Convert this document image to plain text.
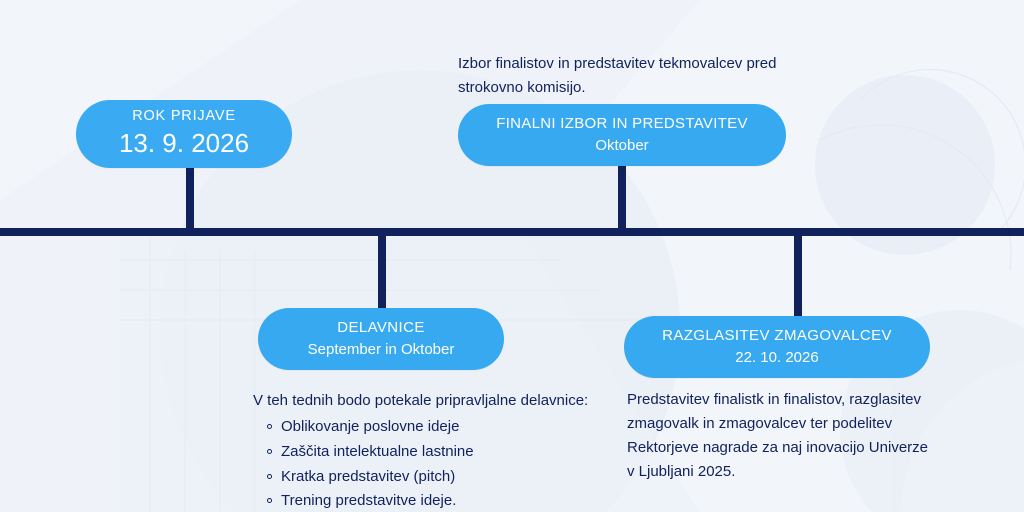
ROK PRIJAVE
13. 9. 2026
Izbor finalistov in predstavitev tekmovalcev pred strokovno komisijo.
FINALNI IZBOR IN PREDSTAVITEV
Oktober
DELAVNICE
September in Oktober

V teh tednih bodo potekale pripravljalne delavnice:

Oblikovanje poslovne ideje
Zaščita intelektualne lastnine
Kratka predstavitev (pitch)
Trening predstavitve ideje.
RAZGLASITEV ZMAGOVALCEV
22. 10. 2026
Predstavitev finalistk in finalistov, razglasitev zmagovalk in zmagovalcev ter podelitev Rektorjeve nagrade za naj inovacijo Univerze v Ljubljani 2025.
